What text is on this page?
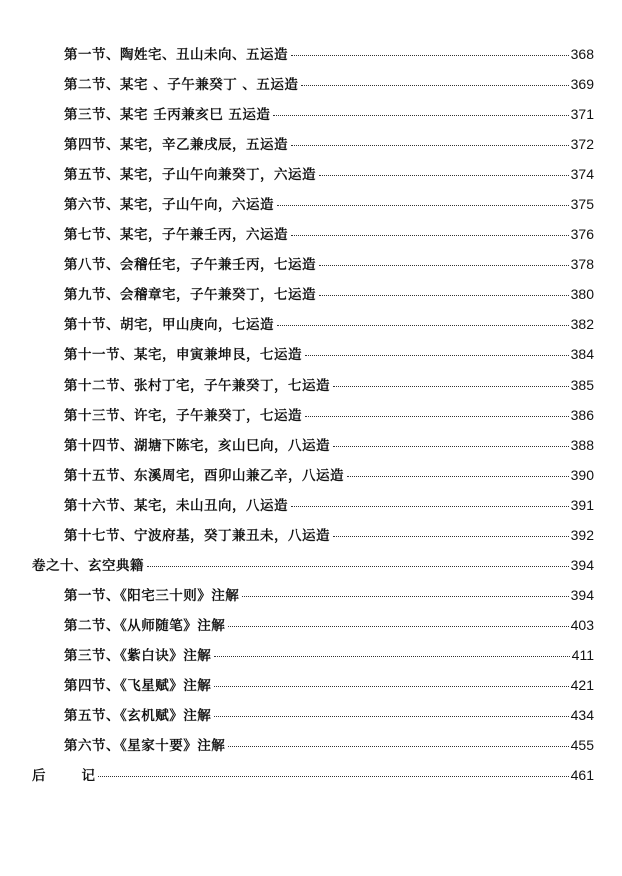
第一节、陶姓宅、丑山未向、五运造	368
第二节、某宅 、子午兼癸丁 、五运造	369
第三节、某宅 壬丙兼亥巳 五运造	371
第四节、某宅，辛乙兼戌辰，五运造	372
第五节、某宅，子山午向兼癸丁，六运造	374
第六节、某宅，子山午向，六运造	375
第七节、某宅，子午兼壬丙，六运造	376
第八节、会稽任宅，子午兼壬丙，七运造	378
第九节、会稽章宅，子午兼癸丁，七运造	380
第十节、胡宅，甲山庚向，七运造	382
第十一节、某宅，申寅兼坤艮，七运造	384
第十二节、张村丁宅，子午兼癸丁，七运造	385
第十三节、许宅，子午兼癸丁，七运造	386
第十四节、湖塘下陈宅，亥山巳向，八运造	388
第十五节、东溪周宅，酉卯山兼乙辛，八运造	390
第十六节、某宅，未山丑向，八运造	391
第十七节、宁波府基，癸丁兼丑未，八运造	392
卷之十、玄空典籍	394
第一节、《阳宅三十则》注解	394
第二节、《从师随笔》注解	403
第三节、《紫白诀》注解	411
第四节、《飞星赋》注解	421
第五节、《玄机赋》注解	434
第六节、《星家十要》注解	455
后	记	461
